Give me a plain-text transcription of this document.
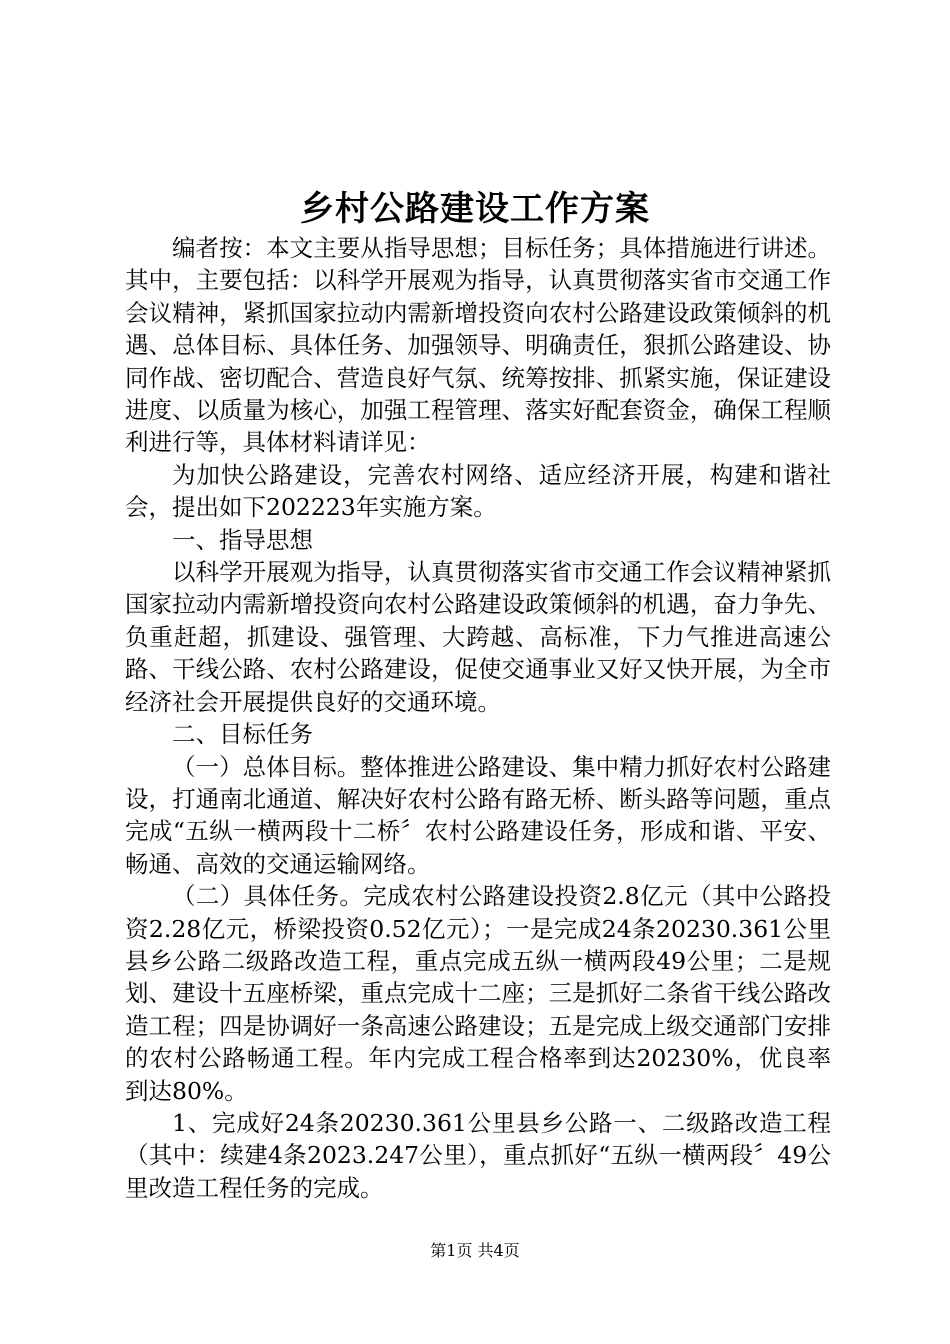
乡村公路建设工作方案

编者按：本文主要从指导思想；目标任务；具体措施进行讲述。其中，主要包括：以科学开展观为指导，认真贯彻落实省市交通工作会议精神，紧抓国家拉动内需新增投资向农村公路建设政策倾斜的机遇、总体目标、具体任务、加强领导、明确责任，狠抓公路建设、协同作战、密切配合、营造良好气氛、统筹按排、抓紧实施，保证建设进度、以质量为核心，加强工程管理、落实好配套资金，确保工程顺利进行等，具体材料请详见：

为加快公路建设，完善农村网络、适应经济开展，构建和谐社会，提出如下202223年实施方案。

一、指导思想

以科学开展观为指导，认真贯彻落实省市交通工作会议精神紧抓国家拉动内需新增投资向农村公路建设政策倾斜的机遇，奋力争先、负重赶超，抓建设、强管理、大跨越、高标准，下力气推进高速公路、干线公路、农村公路建设，促使交通事业又好又快开展，为全市经济社会开展提供良好的交通环境。

二、目标任务

（一）总体目标。整体推进公路建设、集中精力抓好农村公路建设，打通南北通道、解决好农村公路有路无桥、断头路等问题，重点完成“五纵一横两段十二桥〞农村公路建设任务，形成和谐、平安、畅通、高效的交通运输网络。

（二）具体任务。完成农村公路建设投资2.8亿元（其中公路投资2.28亿元，桥梁投资0.52亿元）；一是完成24条20230.361公里县乡公路二级路改造工程，重点完成五纵一横两段49公里；二是规划、建设十五座桥梁，重点完成十二座；三是抓好二条省干线公路改造工程；四是协调好一条高速公路建设；五是完成上级交通部门安排的农村公路畅通工程。年内完成工程合格率到达20230%，优良率到达80%。

1、完成好24条20230.361公里县乡公路一、二级路改造工程（其中：续建4条2023.247公里），重点抓好“五纵一横两段〞49公里改造工程任务的完成。

第1页 共4页
